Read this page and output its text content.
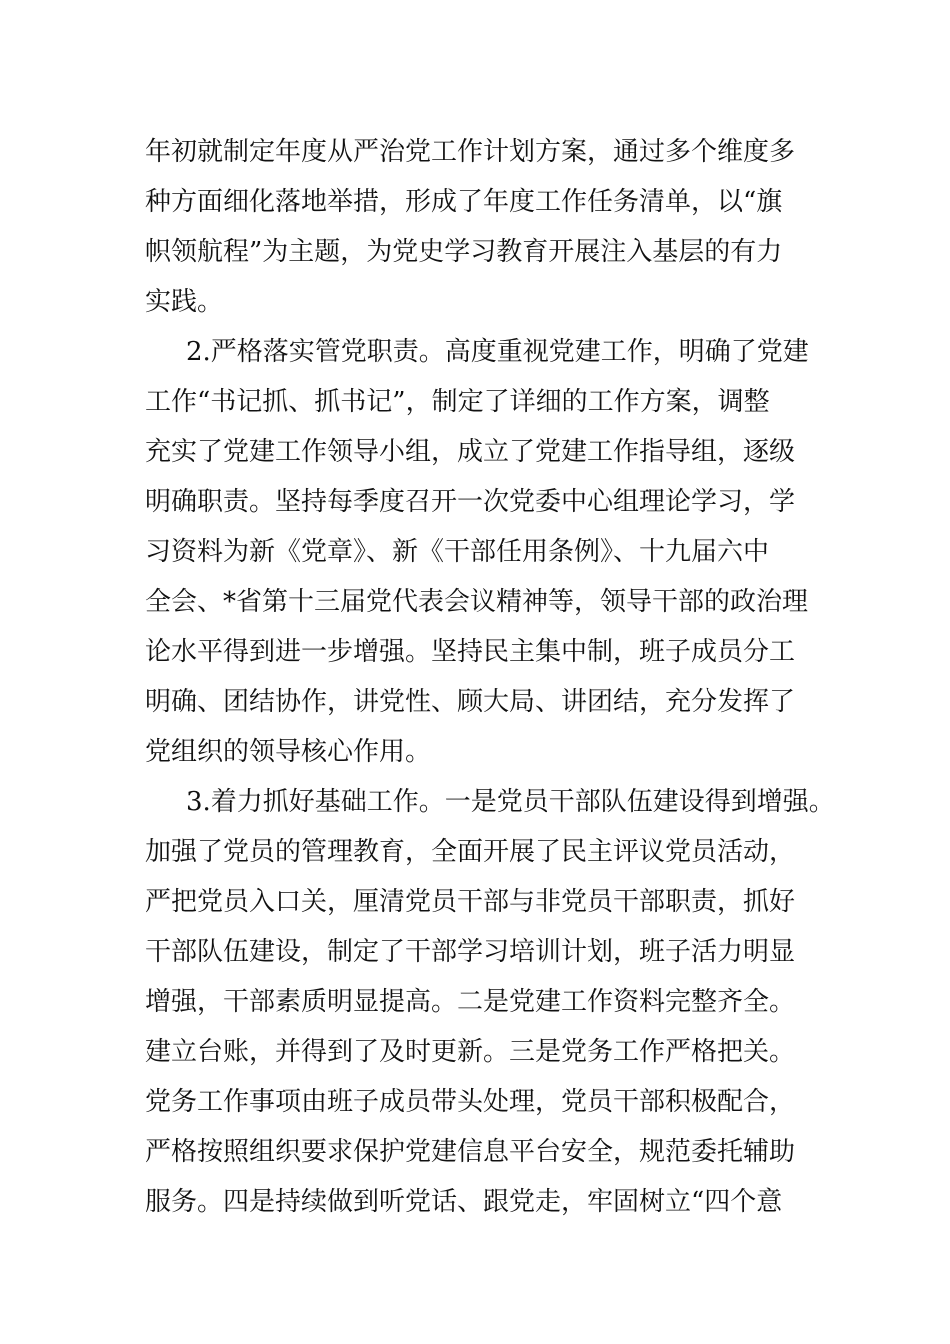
年初就制定年度从严治党工作计划方案，通过多个维度多
种方面细化落地举措，形成了年度工作任务清单，以“旗
帜领航程”为主题，为党史学习教育开展注入基层的有力
实践。
2.严格落实管党职责。高度重视党建工作，明确了党建
工作“书记抓、抓书记”，制定了详细的工作方案，调整
充实了党建工作领导小组，成立了党建工作指导组，逐级
明确职责。坚持每季度召开一次党委中心组理论学习，学
习资料为新《党章》、新《干部任用条例》、十九届六中
全会、*省第十三届党代表会议精神等，领导干部的政治理
论水平得到进一步增强。坚持民主集中制，班子成员分工
明确、团结协作，讲党性、顾大局、讲团结，充分发挥了
党组织的领导核心作用。
3.着力抓好基础工作。一是党员干部队伍建设得到增强。
加强了党员的管理教育，全面开展了民主评议党员活动，
严把党员入口关，厘清党员干部与非党员干部职责，抓好
干部队伍建设，制定了干部学习培训计划，班子活力明显
增强，干部素质明显提高。二是党建工作资料完整齐全。
建立台账，并得到了及时更新。三是党务工作严格把关。
党务工作事项由班子成员带头处理，党员干部积极配合，
严格按照组织要求保护党建信息平台安全，规范委托辅助
服务。四是持续做到听党话、跟党走，牢固树立“四个意
